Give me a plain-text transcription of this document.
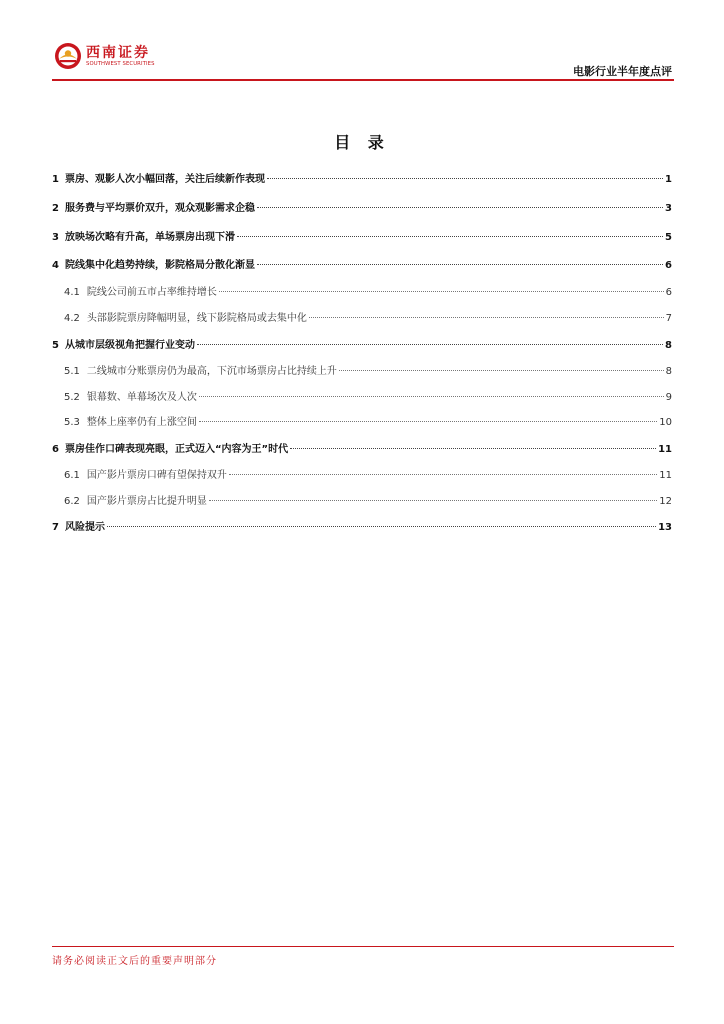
西南证券
SOUTHWEST SECURITIES
电影行业半年度点评
目 录
1 票房、观影人次小幅回落，关注后续新作表现	1
2 服务费与平均票价双升，观众观影需求企稳	3
3 放映场次略有升高，单场票房出现下滑	5
4 院线集中化趋势持续，影院格局分散化渐显	6
4.1 院线公司前五市占率维持增长	6
4.2 头部影院票房降幅明显，线下影院格局或去集中化	7
5 从城市层级视角把握行业变动	8
5.1 二线城市分账票房仍为最高，下沉市场票房占比持续上升	8
5.2 银幕数、单幕场次及人次	9
5.3 整体上座率仍有上涨空间	10
6 票房佳作口碑表现亮眼，正式迈入“内容为王”时代	11
6.1 国产影片票房口碑有望保持双升	11
6.2 国产影片票房占比提升明显	12
7 风险提示	13
请务必阅读正文后的重要声明部分
